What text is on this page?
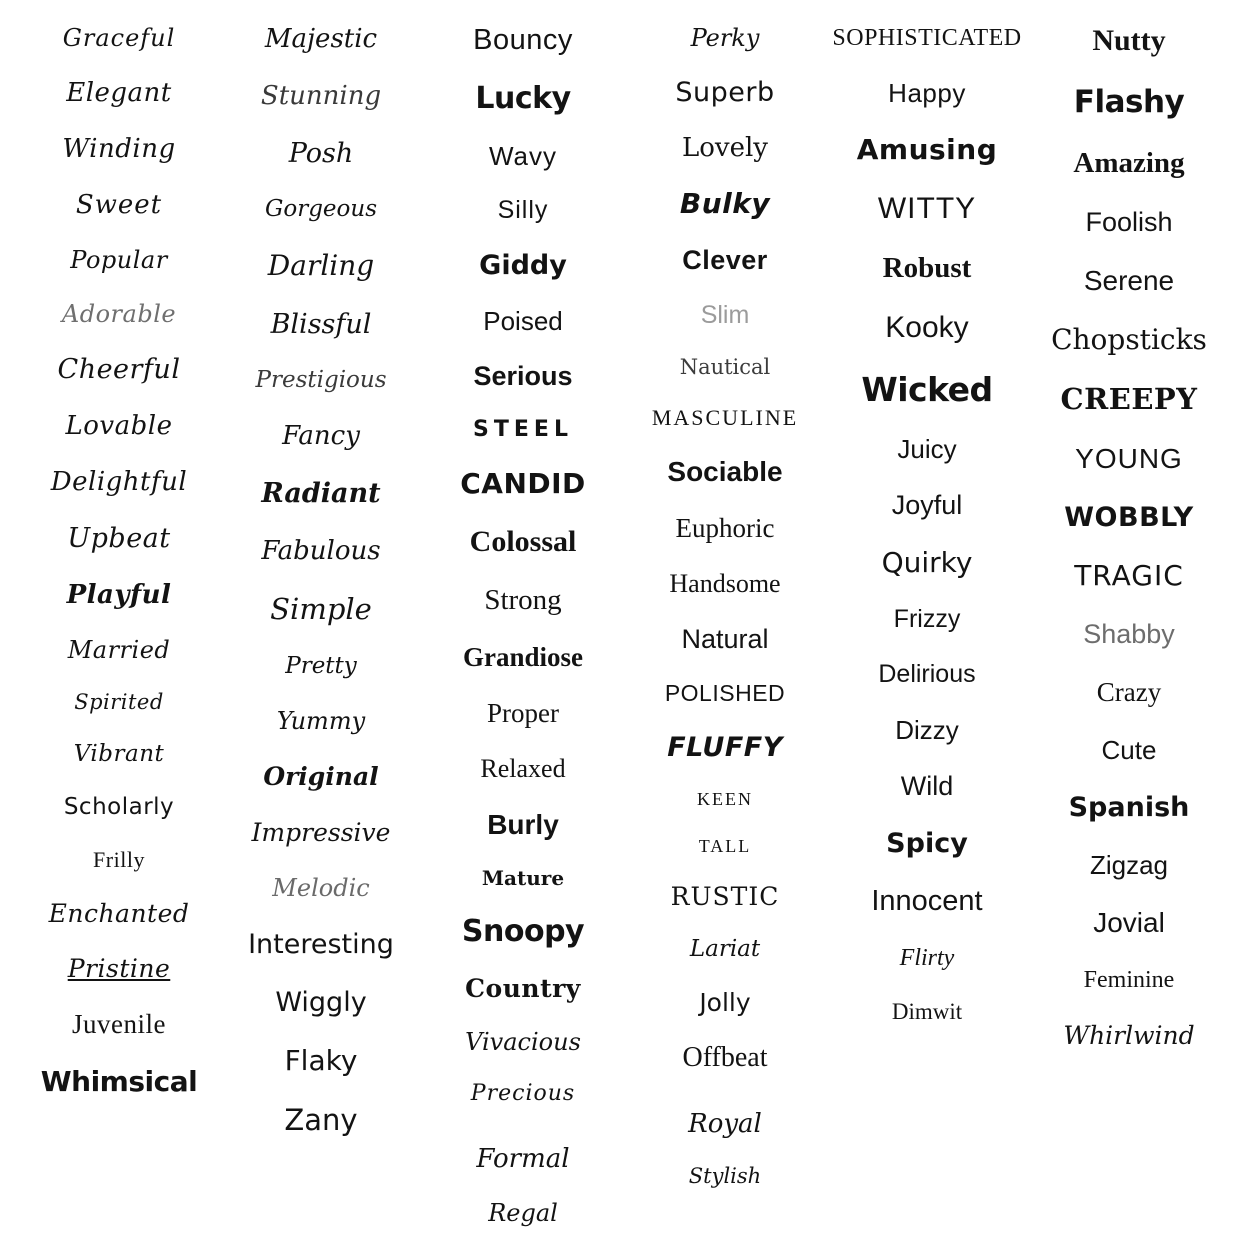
Graceful
Elegant
Winding
Sweet
Popular
Adorable
Cheerful
Lovable
Delightful
Upbeat
Playful
Married
Spirited
Vibrant
Scholarly
Frilly
Enchanted
Pristine
Juvenile
Whimsical
Majestic
Stunning
Posh
Gorgeous
Darling
Blissful
Prestigious
Fancy
Radiant
Fabulous
Simple
Pretty
Yummy
Original
Impressive
Melodic
Interesting
Wiggly
Flaky
Zany
Bouncy
Lucky
Wavy
Silly
Giddy
Poised
Serious
STEEL
CANDID
Colossal
Strong
Grandiose
Proper
Relaxed
Burly
Mature
Snoopy
Country
Vivacious
Precious
Formal
Regal
Perky
Superb
Lovely
Bulky
Clever
Slim
Nautical
MASCULINE
Sociable
Euphoric
Handsome
Natural
POLISHED
FLUFFY
KEEN
TALL
RUSTIC
Lariat
Jolly
Offbeat
Royal
Stylish
SOPHISTICATED
Happy
Amusing
WITTY
Robust
Kooky
Wicked
Juicy
Joyful
Quirky
Frizzy
Delirious
Dizzy
Wild
Spicy
Innocent
Flirty
Dimwit
Nutty
Flashy
Amazing
Foolish
Serene
Chopsticks
CREEPY
YOUNG
WOBBLY
TRAGIC
Shabby
Crazy
Cute
Spanish
Zigzag
Jovial
Feminine
Whirlwind
